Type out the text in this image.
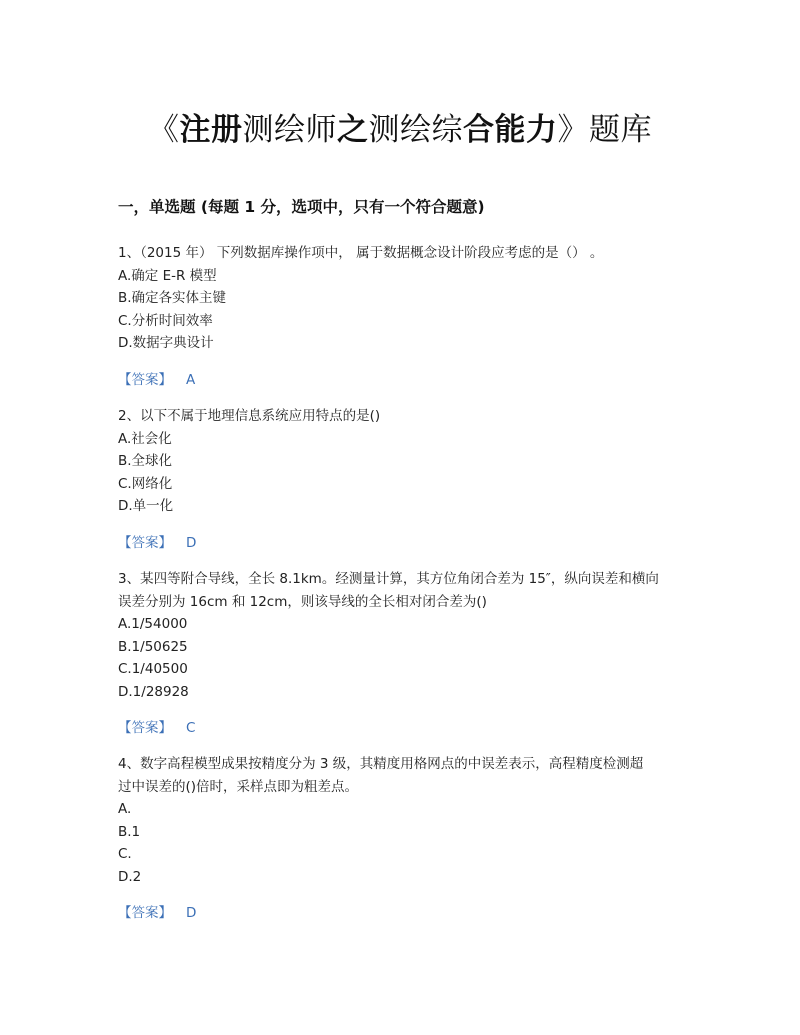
《注册测绘师之测绘综合能力》题库
一，单选题 (每题 1 分，选项中，只有一个符合题意)

1、（2015 年） 下列数据库操作项中， 属于数据概念设计阶段应考虑的是（） 。

A.确定 E-R 模型

B.确定各实体主键

C.分析时间效率

D.数据字典设计

【答案】 A

2、以下不属于地理信息系统应用特点的是()

A.社会化

B.全球化

C.网络化

D.单一化

【答案】 D

3、某四等附合导线，全长 8.1km。经测量计算，其方位角闭合差为 15″，纵向误差和横向

误差分别为 16cm 和 12cm，则该导线的全长相对闭合差为()

A.1/54000

B.1/50625

C.1/40500

D.1/28928

【答案】 C

4、数字高程模型成果按精度分为 3 级，其精度用格网点的中误差表示，高程精度检测超

过中误差的()倍时，采样点即为粗差点。

A.

B.1

C.

D.2

【答案】 D
